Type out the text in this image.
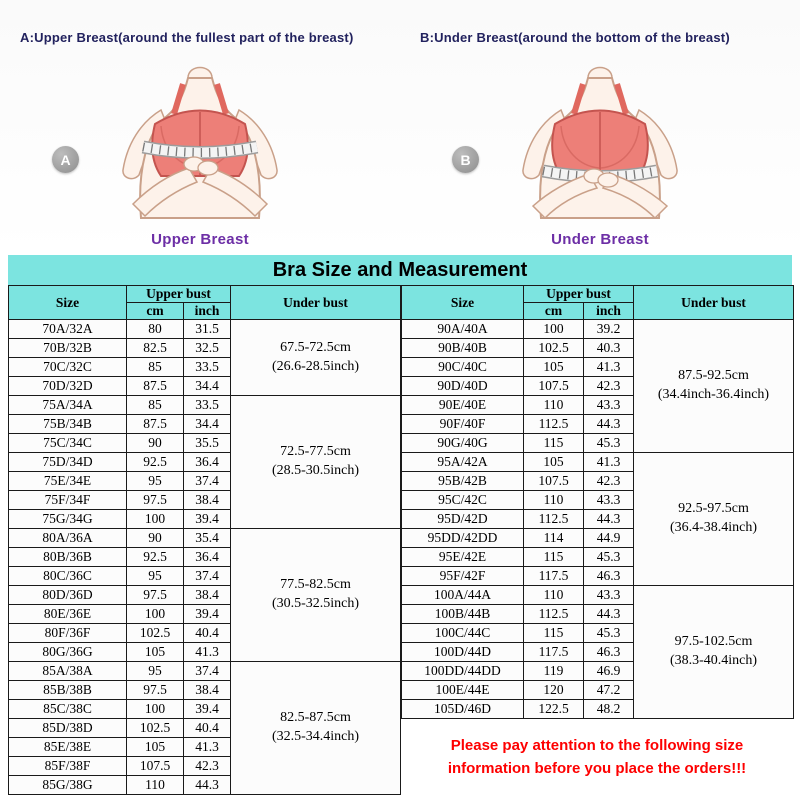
A:Upper Breast(around the fullest part of the breast)
A
Upper Breast
B:Under Breast(around the bottom of the breast)
B
Under Breast
Bra Size and Measurement
Size	Upper bust		Under bust
	cm	inch	
70A/32A	80	31.5	67.5-72.5cm
(26.6-28.5inch)
70B/32B	82.5	32.5	
70C/32C	85	33.5	
70D/32D	87.5	34.4	
75A/34A	85	33.5	72.5-77.5cm
(28.5-30.5inch)
75B/34B	87.5	34.4	
75C/34C	90	35.5	
75D/34D	92.5	36.4	
75E/34E	95	37.4	
75F/34F	97.5	38.4	
75G/34G	100	39.4	
80A/36A	90	35.4	77.5-82.5cm
(30.5-32.5inch)
80B/36B	92.5	36.4	
80C/36C	95	37.4	
80D/36D	97.5	38.4	
80E/36E	100	39.4	
80F/36F	102.5	40.4	
80G/36G	105	41.3	
85A/38A	95	37.4	82.5-87.5cm
(32.5-34.4inch)
85B/38B	97.5	38.4	
85C/38C	100	39.4	
85D/38D	102.5	40.4	
85E/38E	105	41.3	
85F/38F	107.5	42.3	
85G/38G	110	44.3	
Size	Upper bust		Under bust
	cm	inch	
90A/40A	100	39.2	87.5-92.5cm
(34.4inch-36.4inch)
90B/40B	102.5	40.3	
90C/40C	105	41.3	
90D/40D	107.5	42.3	
90E/40E	110	43.3	
90F/40F	112.5	44.3	
90G/40G	115	45.3	
95A/42A	105	41.3	92.5-97.5cm
(36.4-38.4inch)
95B/42B	107.5	42.3	
95C/42C	110	43.3	
95D/42D	112.5	44.3	
95DD/42DD	114	44.9	
95E/42E	115	45.3	
95F/42F	117.5	46.3	
100A/44A	110	43.3	97.5-102.5cm
(38.3-40.4inch)
100B/44B	112.5	44.3	
100C/44C	115	45.3	
100D/44D	117.5	46.3	
100DD/44DD	119	46.9	
100E/44E	120	47.2	
105D/46D	122.5	48.2	
Please pay attention to the following size
information before you place the orders!!!
